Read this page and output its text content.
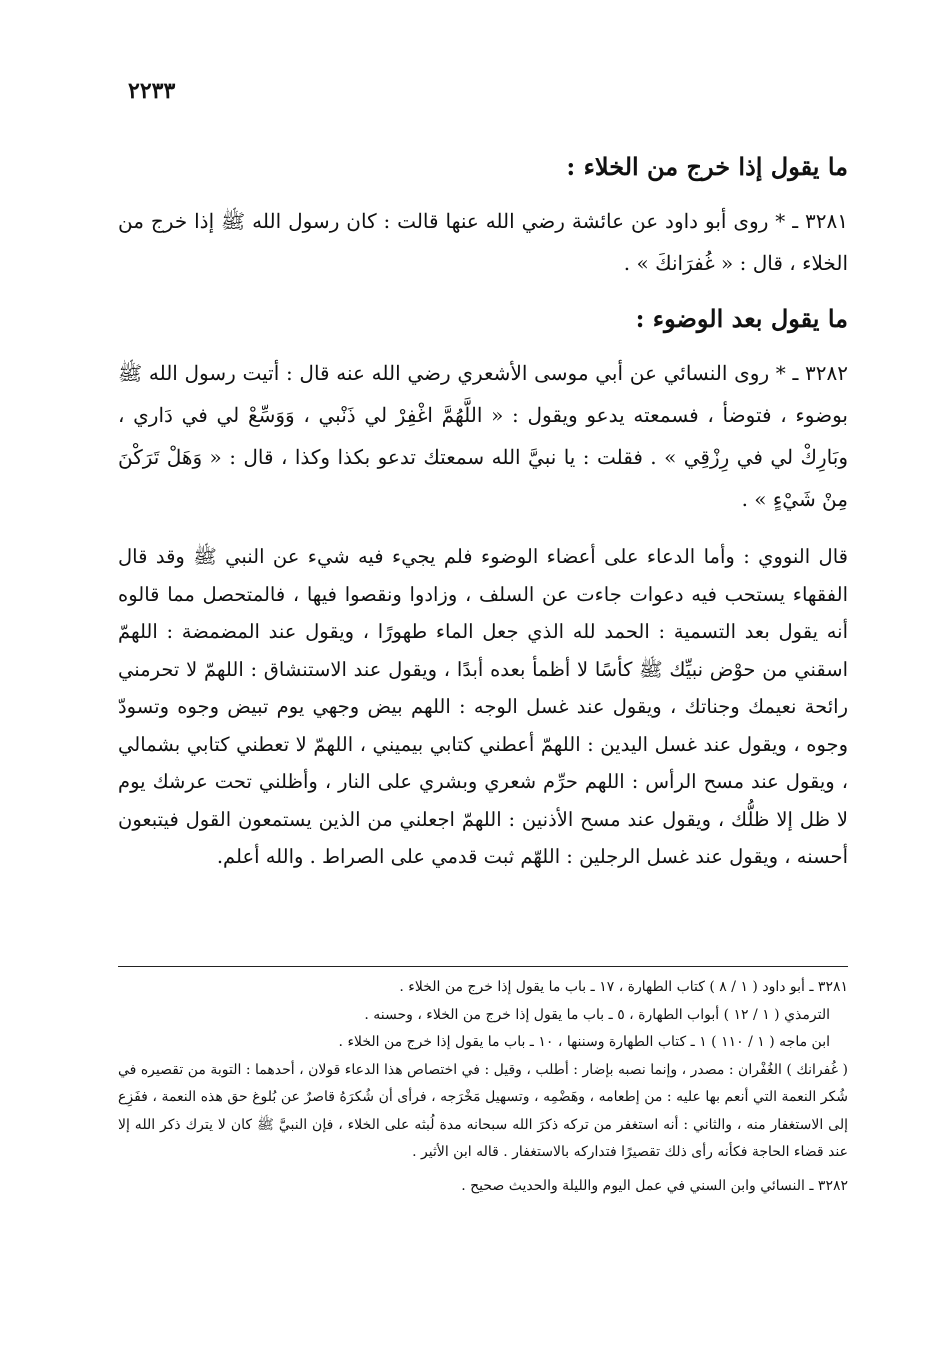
٢٢٣٣
ما يقول إذا خرج من الخلاء :

٣٢٨١ ـ * روى أبو داود عن عائشة رضي الله عنها قالت : كان رسول الله ﷺ إذا خرج من الخلاء ، قال : « غُفرَانكَ » .

ما يقول بعد الوضوء :

٣٢٨٢ ـ * روى النسائي عن أبي موسى الأشعري رضي الله عنه قال : أتيت رسول الله ﷺ بوضوء ، فتوضأ ، فسمعته يدعو ويقول : « اللَّهُمَّ اغْفِرْ لي ذَنْبي ، وَوَسِّعْ لي في دَاري ، وبَارِكْ لي في رِزْقِي » . فقلت : يا نبيَّ الله سمعتك تدعو بكذا وكذا ، قال : « وَهَلْ تَرَكْنَ مِنْ شَيْءٍ » .

قال النووي : وأما الدعاء على أعضاء الوضوء فلم يجيء فيه شيء عن النبي ﷺ وقد قال الفقهاء يستحب فيه دعوات جاءت عن السلف ، وزادوا ونقصوا فيها ، فالمتحصل مما قالوه أنه يقول بعد التسمية : الحمد لله الذي جعل الماء طهورًا ، ويقول عند المضمضة : اللهمّ اسقني من حوْض نبيِّك ﷺ كأسًا لا أظمأ بعده أبدًا ، ويقول عند الاستنشاق : اللهمّ لا تحرمني رائحة نعيمك وجناتك ، ويقول عند غسل الوجه : اللهم بيض وجهي يوم تبيض وجوه وتسودّ وجوه ، ويقول عند غسل اليدين : اللهمّ أعطني كتابي بيميني ، اللهمّ لا تعطني كتابي بشمالي ، ويقول عند مسح الرأس : اللهم حرِّم شعري وبشري على النار ، وأظلني تحت عرشك يوم لا ظل إلا ظلُّك ، ويقول عند مسح الأذنين : اللهمّ اجعلني من الذين يستمعون القول فيتبعون أحسنه ، ويقول عند غسل الرجلين : اللهّم ثبت قدمي على الصراط . والله أعلم.

٣٢٨١ ـ أبو داود ( ١ / ٨ ) كتاب الطهارة ، ١٧ ـ باب ما يقول إذا خرج من الخلاء .

الترمذي ( ١ / ١٢ ) أبواب الطهارة ، ٥ ـ باب ما يقول إذا خرج من الخلاء ، وحسنه .

ابن ماجه ( ١ / ١١٠ ) ١ ـ كتاب الطهارة وسننها ، ١٠ ـ باب ما يقول إذا خرج من الخلاء .

( غُفرانك ) الغُفْران : مصدر ، وإنما نصبه بإضار : أطلب ، وقيل : في اختصاص هذا الدعاء قولان ، أحدهما : التوبة من تقصيره في شُكر النعمة التي أنعم بها عليه : من إطعامه ، وهَضْمِه ، وتسهيل مَخْرَجه ، فرأى أن شُكرَهُ قاصرٌ عن بُلوغ حق هذه النعمة ، ففَزِع إلى الاستغفار منه ، والثاني : أنه استغفر من تركه ذكرَ الله سبحانه مدة لُبثه على الخلاء ، فإن النبيَّ ﷺ كان لا يترك ذكر الله إلا عند قضاء الحاجة فكأنه رأى ذلك تقصيرًا فتداركه بالاستغفار . قاله ابن الأثير .

٣٢٨٢ ـ النسائي وابن السني في عمل اليوم والليلة والحديث صحيح .
